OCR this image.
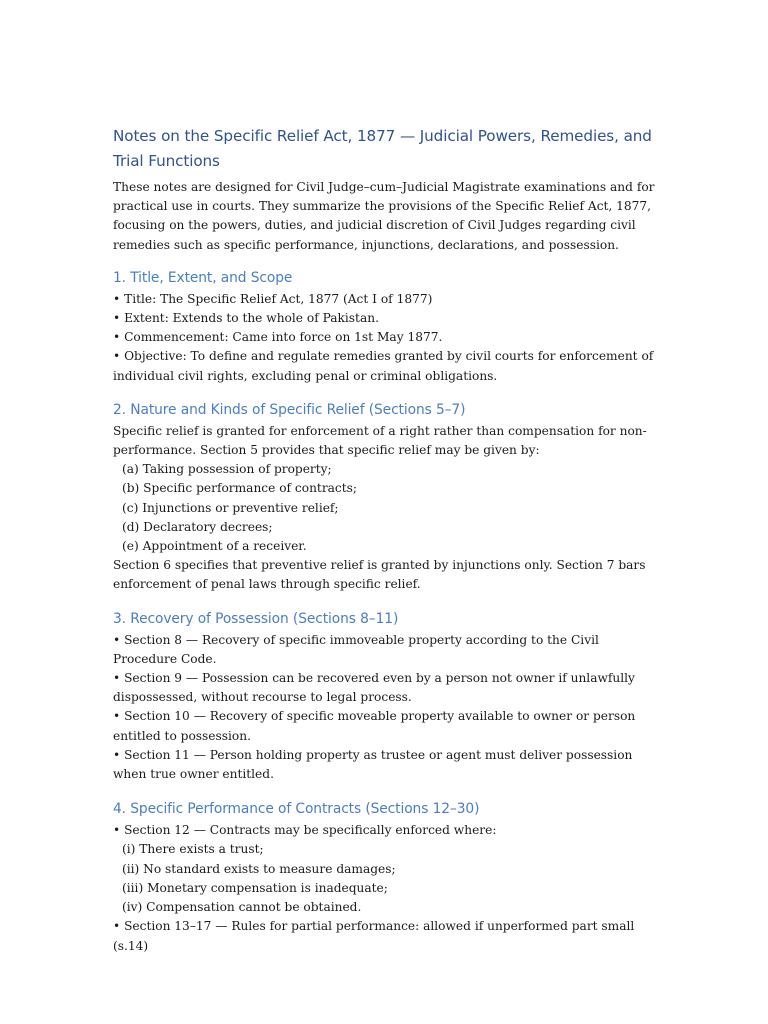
Notes on the Specific Relief Act, 1877 — Judicial Powers, Remedies, and Trial Functions

These notes are designed for Civil Judge–cum–Judicial Magistrate examinations and for practical use in courts. They summarize the provisions of the Specific Relief Act, 1877, focusing on the powers, duties, and judicial discretion of Civil Judges regarding civil remedies such as specific performance, injunctions, declarations, and possession.

1. Title, Extent, and Scope

• Title: The Specific Relief Act, 1877 (Act I of 1877)

• Extent: Extends to the whole of Pakistan.

• Commencement: Came into force on 1st May 1877.

• Objective: To define and regulate remedies granted by civil courts for enforcement of individual civil rights, excluding penal or criminal obligations.

2. Nature and Kinds of Specific Relief (Sections 5–7)

Specific relief is granted for enforcement of a right rather than compensation for non-performance. Section 5 provides that specific relief may be given by:

(a) Taking possession of property;

(b) Specific performance of contracts;

(c) Injunctions or preventive relief;

(d) Declaratory decrees;

(e) Appointment of a receiver.

Section 6 specifies that preventive relief is granted by injunctions only. Section 7 bars enforcement of penal laws through specific relief.

3. Recovery of Possession (Sections 8–11)

• Section 8 — Recovery of specific immoveable property according to the Civil Procedure Code.

• Section 9 — Possession can be recovered even by a person not owner if unlawfully dispossessed, without recourse to legal process.

• Section 10 — Recovery of specific moveable property available to owner or person entitled to possession.

• Section 11 — Person holding property as trustee or agent must deliver possession when true owner entitled.

4. Specific Performance of Contracts (Sections 12–30)

• Section 12 — Contracts may be specifically enforced where:

(i) There exists a trust;

(ii) No standard exists to measure damages;

(iii) Monetary compensation is inadequate;

(iv) Compensation cannot be obtained.

• Section 13–17 — Rules for partial performance: allowed if unperformed part small (s.14)
